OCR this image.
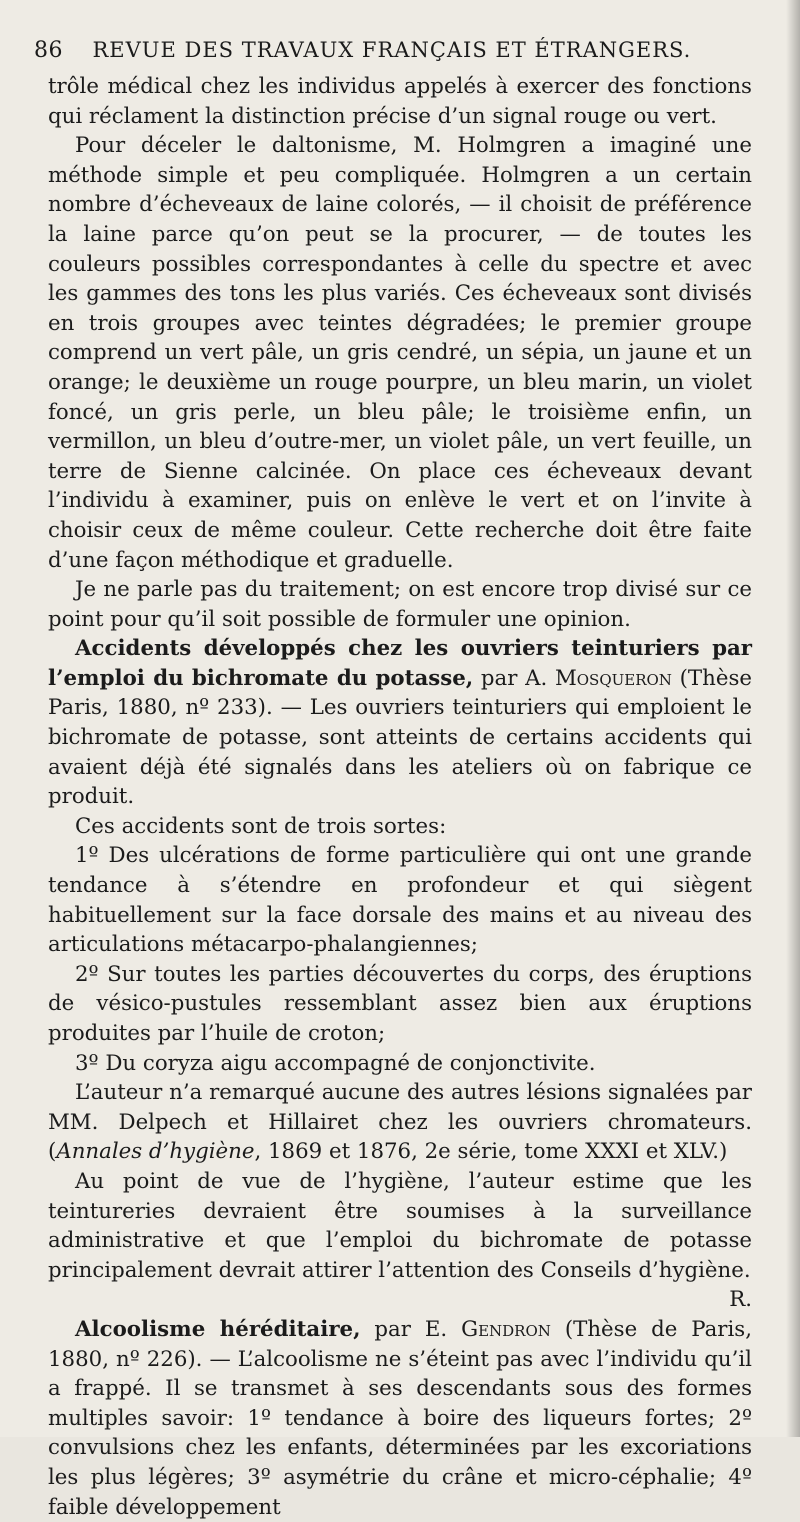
86 REVUE DES TRAVAUX FRANÇAIS ET ÉTRANGERS.

trôle médical chez les individus appelés à exercer des fonctions qui réclament la distinction précise d’un signal rouge ou vert.

Pour déceler le daltonisme, M. Holmgren a imaginé une méthode simple et peu compliquée. Holmgren a un certain nombre d’écheveaux de laine colorés, — il choisit de préférence la laine parce qu’on peut se la procurer, — de toutes les couleurs possibles correspondantes à celle du spectre et avec les gammes des tons les plus variés. Ces écheveaux sont divisés en trois groupes avec teintes dégradées; le premier groupe comprend un vert pâle, un gris cendré, un sépia, un jaune et un orange; le deuxième un rouge pourpre, un bleu marin, un violet foncé, un gris perle, un bleu pâle; le troisième enfin, un vermillon, un bleu d’outre-mer, un violet pâle, un vert feuille, un terre de Sienne calcinée. On place ces écheveaux devant l’individu à examiner, puis on enlève le vert et on l’invite à choisir ceux de même couleur. Cette recherche doit être faite d’une façon méthodique et graduelle.

Je ne parle pas du traitement; on est encore trop divisé sur ce point pour qu’il soit possible de formuler une opinion.

Accidents développés chez les ouvriers teinturiers par l’emploi du bichromate du potasse, par A. Mosqueron (Thèse Paris, 1880, nº 233). — Les ouvriers teinturiers qui emploient le bichromate de potasse, sont atteints de certains accidents qui avaient déjà été signalés dans les ateliers où on fabrique ce produit.

Ces accidents sont de trois sortes:

1º Des ulcérations de forme particulière qui ont une grande tendance à s’étendre en profondeur et qui siègent habituellement sur la face dorsale des mains et au niveau des articulations métacarpo-phalangiennes;

2º Sur toutes les parties découvertes du corps, des éruptions de vésico-pustules ressemblant assez bien aux éruptions produites par l’huile de croton;

3º Du coryza aigu accompagné de conjonctivite.

L’auteur n’a remarqué aucune des autres lésions signalées par MM. Delpech et Hillairet chez les ouvriers chromateurs. (Annales d’hygiène, 1869 et 1876, 2e série, tome XXXI et XLV.)

Au point de vue de l’hygiène, l’auteur estime que les teintureries devraient être soumises à la surveillance administrative et que l’emploi du bichromate de potasse principalement devrait attirer l’attention des Conseils d’hygiène.
R.

Alcoolisme héréditaire, par E. Gendron (Thèse de Paris, 1880, nº 226). — L’alcoolisme ne s’éteint pas avec l’individu qu’il a frappé. Il se transmet à ses descendants sous des formes multiples savoir: 1º tendance à boire des liqueurs fortes; 2º convulsions chez les enfants, déterminées par les excoriations les plus légères; 3º asymétrie du crâne et micro-céphalie; 4º faible développement
